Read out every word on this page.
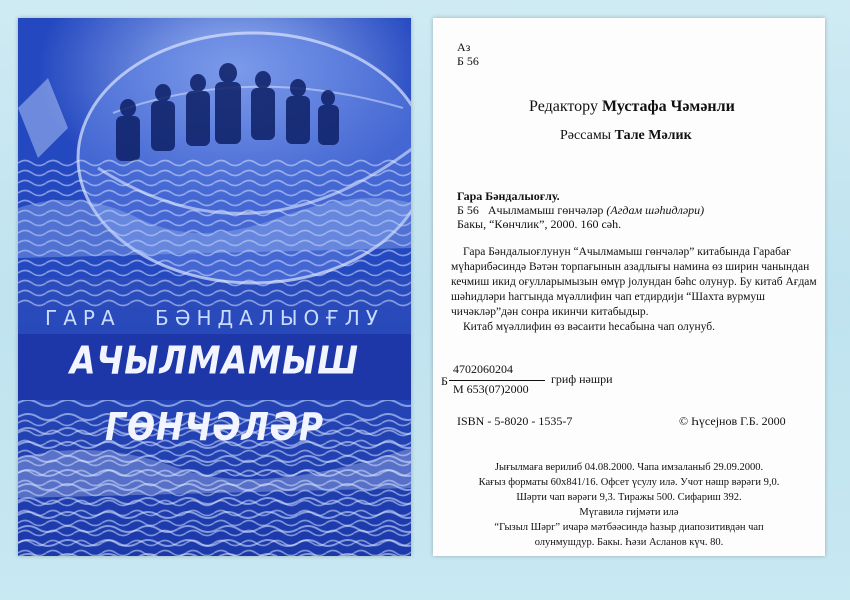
ГАРА БӘНДАЛЫОҒЛУ
АЧЫЛМАМЫШ ГӨНЧӘЛӘР
Аз
Б 56
Редактору Мустафа Чәмәнли
Рәссамы Тале Мәлик
Гара Бәндалыоғлу.
Б 56 Ачылмамыш гөнчәләр (Агдам шәһидләри)
Бакы, “Көнчлик”, 2000. 160 сәһ.
Гара Бәндалыоғлунун “Ачылмамыш гөнчәләр” китабында Гарабағ
мүһарибәсиндә Вәтән торпағынын азадлығы намина өз ширин чанындан
кечмиш икид оғулларымызын өмүр јолундан бәһс олунур. Бу китаб Ағдам
шәһидләри һаггында мүәллифин чап етдирдији “Шахта вурмуш
чичәкләр”дән сонра икинчи китабыдыр.
Китаб мүәллифин өз вәсаити һесабына чап олунуб.
Б
4702060204
М 653(07)2000
гриф нәшри
ISBN - 5-8020 - 1535-7	© Һүсејнов Г.Б. 2000
Јығылмаға верилиб 04.08.2000. Чапа имзаланыб 29.09.2000.
Кағыз форматы 60х841/16. Офсет үсулу илә. Учот нәшр вәрәги 9,0.
Шәрти чап вәрәги 9,3. Тиражы 500. Сифариш 392.
Мүгавилә гијмәти илә
“Гызыл Шәрг” ичарә мәтбәәсиндә һазыр диапозитивдән чап
олунмушдур. Бакы. Һәзи Асланов күч. 80.
